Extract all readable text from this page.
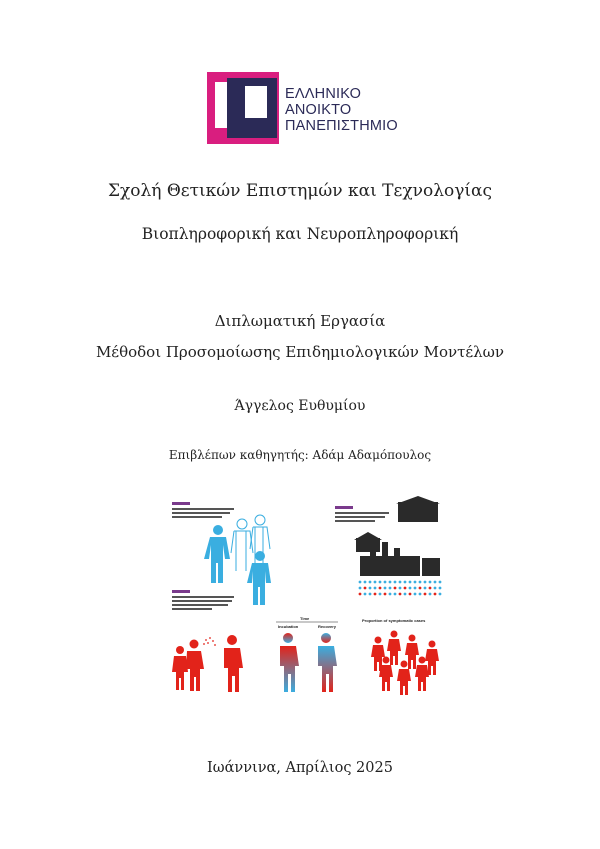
ΕΛΛΗΝΙΚΟ
ΑΝΟΙΚΤΟ
ΠΑΝΕΠΙΣΤΗΜΙΟ
Σχολή Θετικών Επιστημών και Τεχνολογίας
Βιοπληροφορική και Νευροπληροφορική
Διπλωματική Εργασία
Μέθοδοι Προσομοίωσης Επιδημιολογικών Μοντέλων
Άγγελος Ευθυμίου
Επιβλέπων καθηγητής: Αδάμ Αδαμόπουλος
Time
Incubation	Recovery
Proportion of symptomatic cases
Ιωάννινα, Απρίλιος 2025
